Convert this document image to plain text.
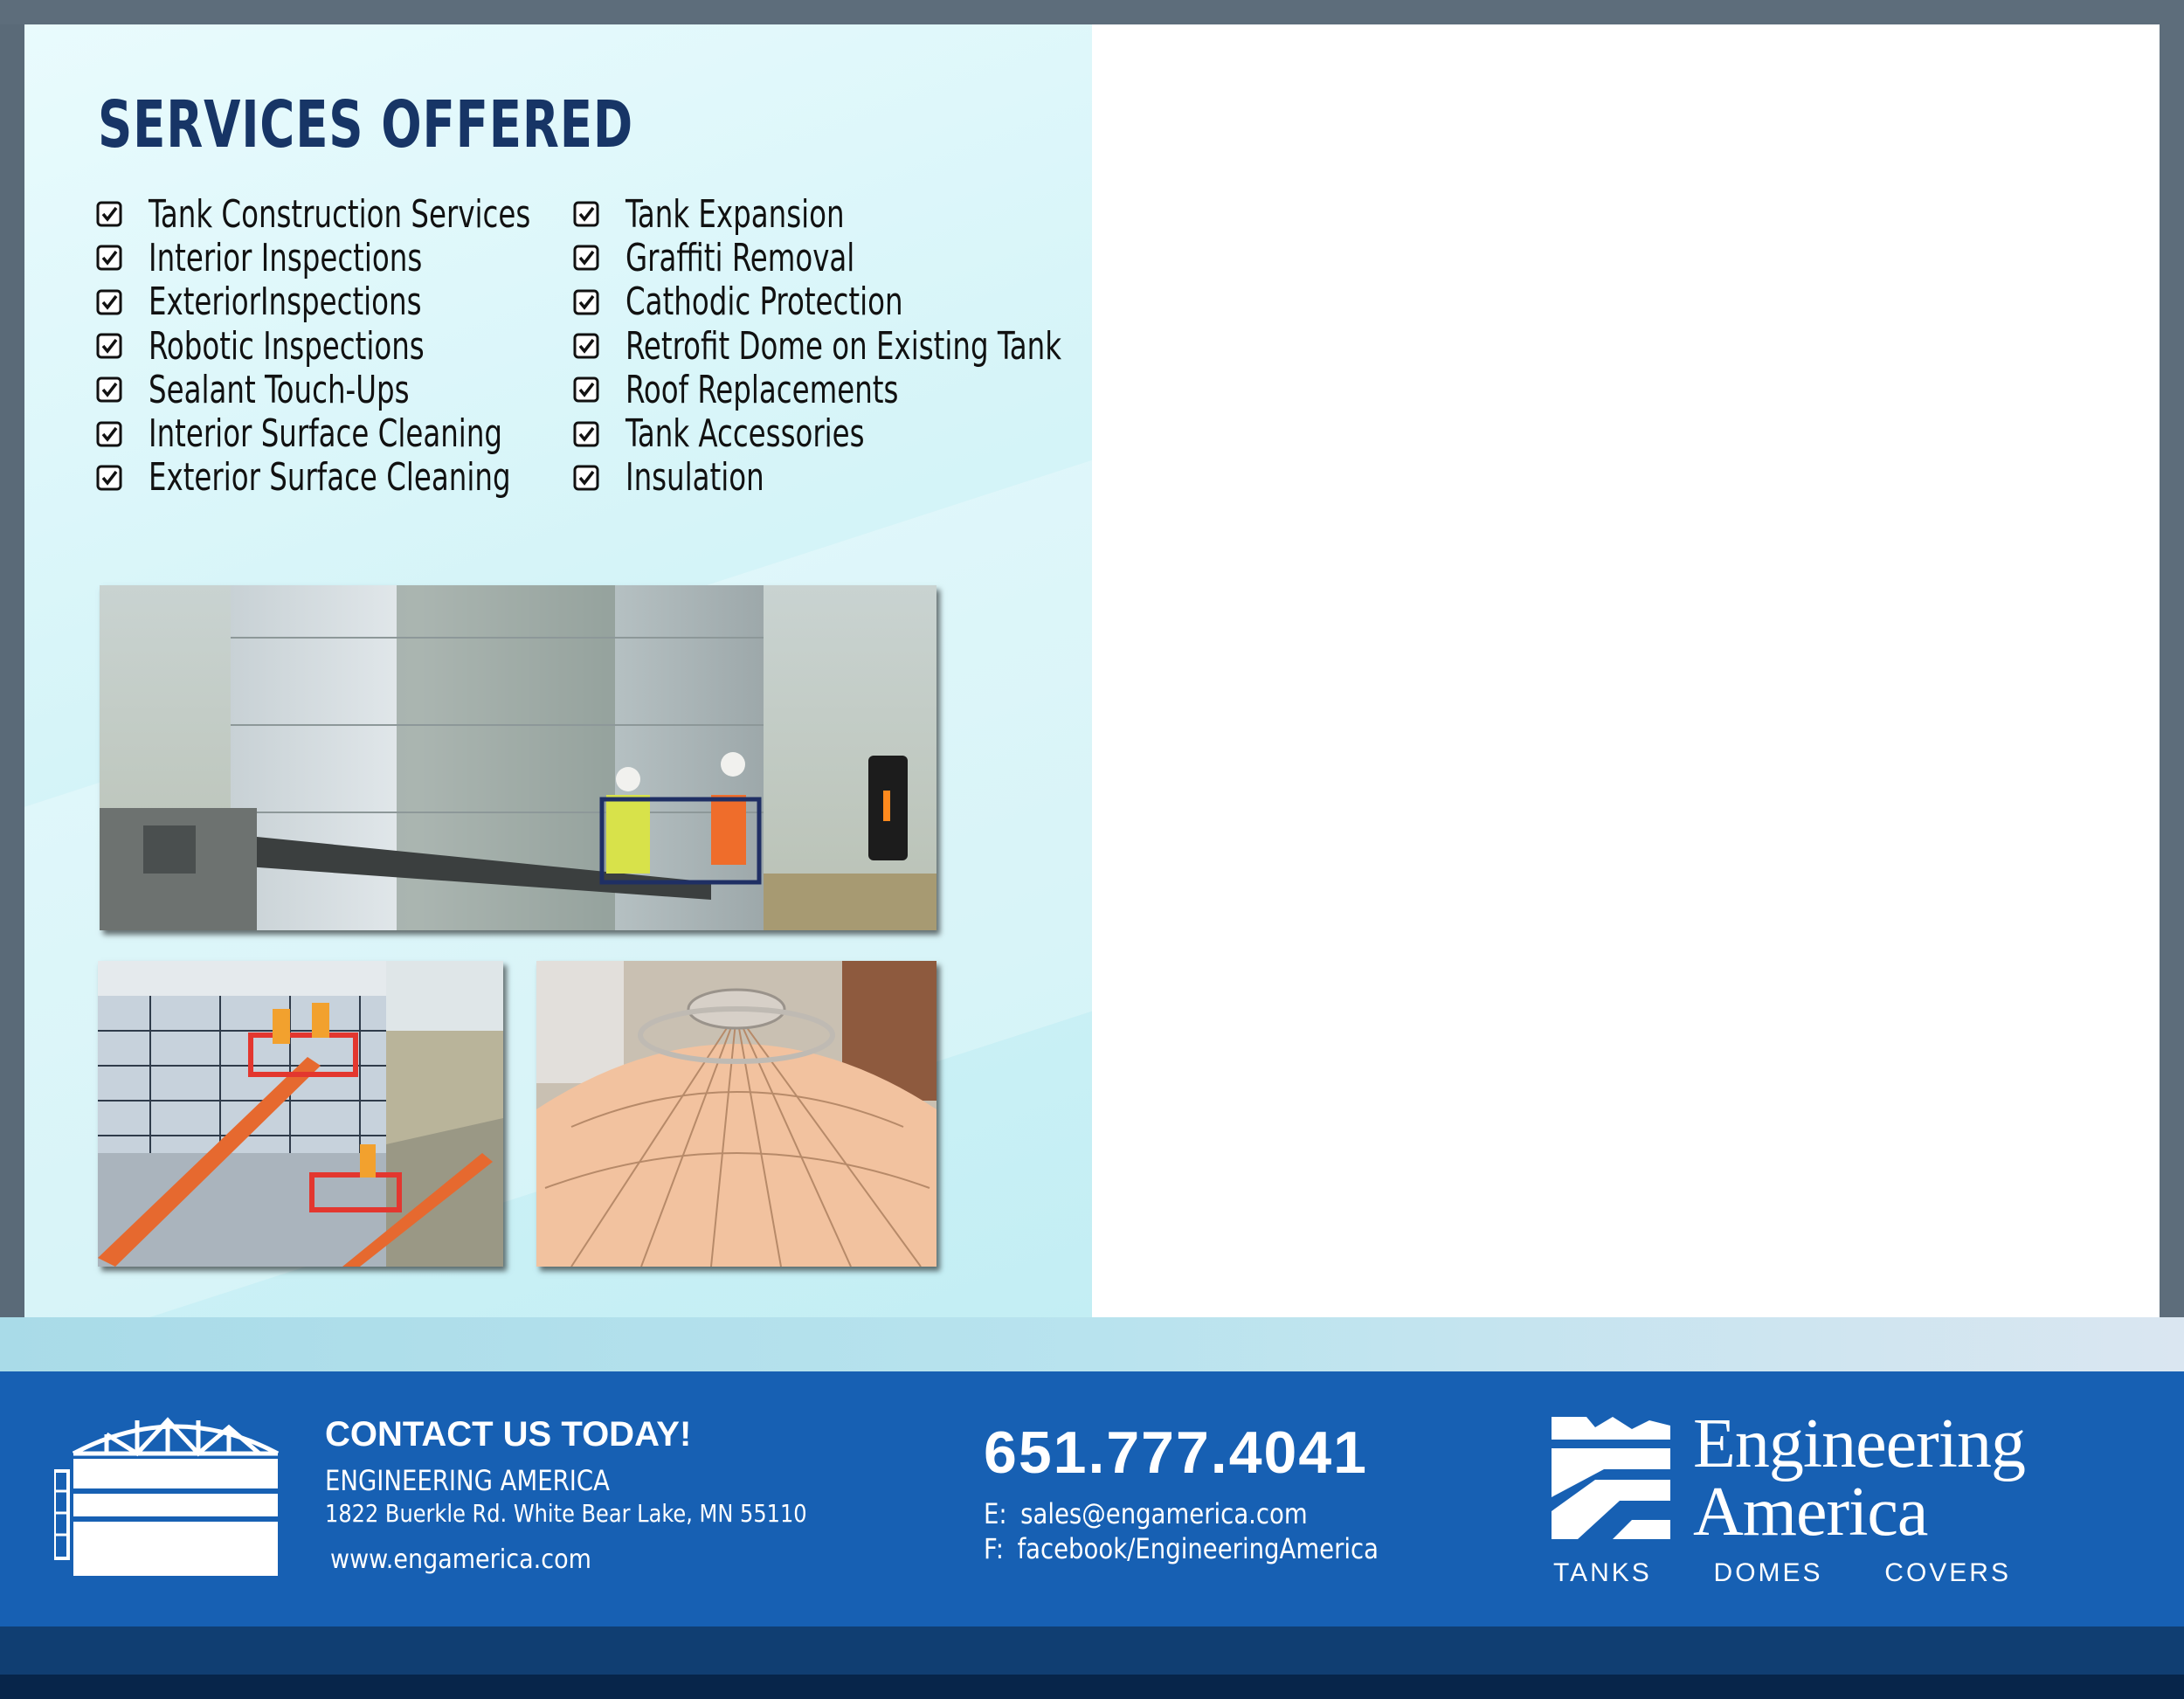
SERVICES OFFERED
Tank Construction Services
Interior Inspections
ExteriorInspections
Robotic Inspections
Sealant Touch-Ups
Interior Surface Cleaning
Exterior Surface Cleaning
Tank Expansion
Graffiti Removal
Cathodic Protection
Retrofit Dome on Existing Tank
Roof Replacements
Tank Accessories
Insulation
CONTACT US TODAY!
ENGINEERING AMERICA
1822 Buerkle Rd. White Bear Lake, MN 55110
www.engamerica.com
651.777.4041
E: sales@engamerica.com
F: facebook/EngineeringAmerica
Engineering
America
TANKS DOMES COVERS
